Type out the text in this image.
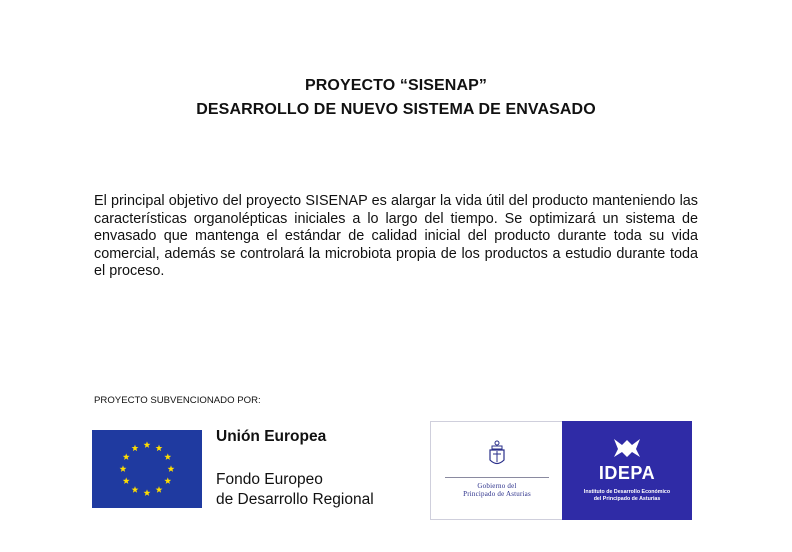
PROYECTO “SISENAP”
DESARROLLO DE NUEVO SISTEMA DE ENVASADO
El principal objetivo del proyecto SISENAP es alargar la vida útil del producto manteniendo las características organolépticas iniciales a lo largo del tiempo. Se optimizará un sistema de envasado que mantenga el estándar de calidad inicial del producto durante toda su vida comercial, además se controlará la microbiota propia de los productos a estudio durante toda el proceso.
PROYECTO SUBVENCIONADO POR:
Unión Europea
Fondo Europeo
de Desarrollo Regional
Gobierno del
Principado de Asturias
IDEPA
Instituto de Desarrollo Económico
del Principado de Asturias
